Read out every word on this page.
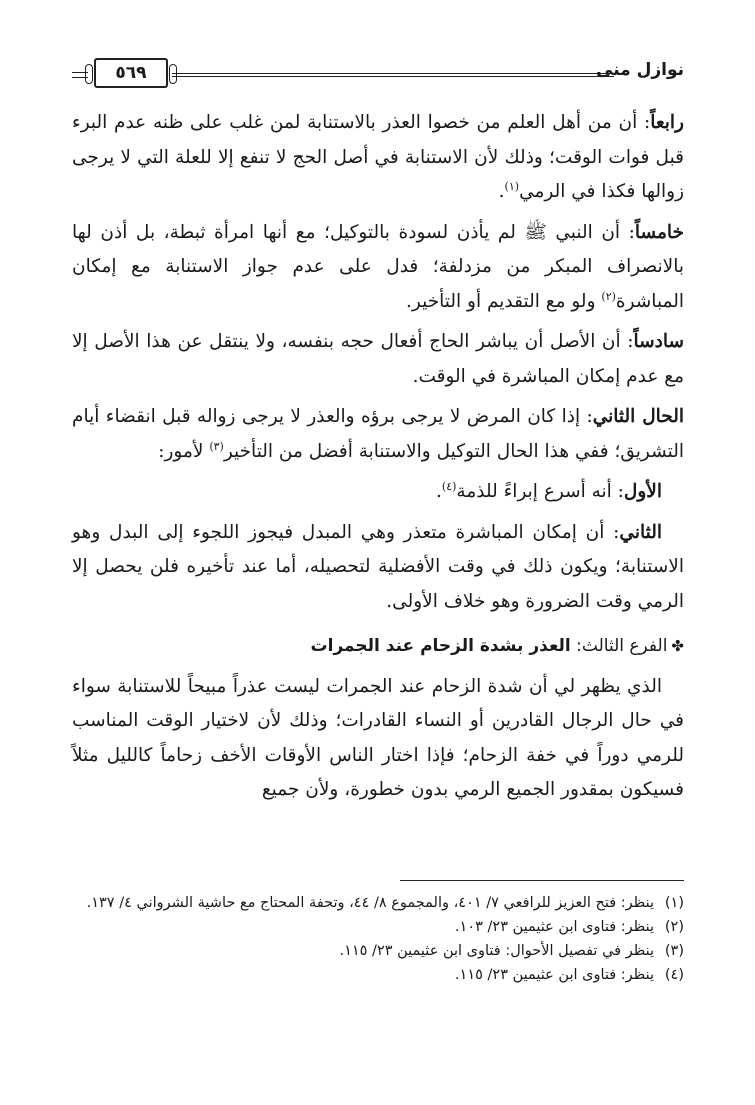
نوازل منى
٥٦٩

رابعاً: أن من أهل العلم من خصوا العذر بالاستنابة لمن غلب على ظنه عدم البرء قبل فوات الوقت؛ وذلك لأن الاستنابة في أصل الحج لا تنفع إلا للعلة التي لا يرجى زوالها فكذا في الرمي$^{(١)}$.

خامساً: أن النبي ﷺ لم يأذن لسودة بالتوكيل؛ مع أنها امرأة ثبطة، بل أذن لها بالانصراف المبكر من مزدلفة؛ فدل على عدم جواز الاستنابة مع إمكان المباشرة$^{(٢)}$ ولو مع التقديم أو التأخير.

سادساً: أن الأصل أن يباشر الحاج أفعال حجه بنفسه، ولا ينتقل عن هذا الأصل إلا مع عدم إمكان المباشرة في الوقت.

الحال الثاني: إذا كان المرض لا يرجى برؤه والعذر لا يرجى زواله قبل انقضاء أيام التشريق؛ ففي هذا الحال التوكيل والاستنابة أفضل من التأخير$^{(٣)}$ لأمور:

الأول: أنه أسرع إبراءً للذمة$^{(٤)}$.

الثاني: أن إمكان المباشرة متعذر وهي المبدل فيجوز اللجوء إلى البدل وهو الاستنابة؛ ويكون ذلك في وقت الأفضلية لتحصيله، أما عند تأخيره فلن يحصل إلا الرمي وقت الضرورة وهو خلاف الأولى.

✤الفرع الثالث: العذر بشدة الزحام عند الجمرات

الذي يظهر لي أن شدة الزحام عند الجمرات ليست عذراً مبيحاً للاستنابة سواء في حال الرجال القادرين أو النساء القادرات؛ وذلك لأن لاختيار الوقت المناسب للرمي دوراً في خفة الزحام؛ فإذا اختار الناس الأوقات الأخف زحاماً كالليل مثلاً فسيكون بمقدور الجميع الرمي بدون خطورة، ولأن جميع

(١)
ينظر: فتح العزيز للرافعي ٧/ ٤٠١، والمجموع ٨/ ٤٤، وتحفة المحتاج مع حاشية الشرواني ٤/ ١٣٧.
(٢)
ينظر: فتاوى ابن عثيمين ٢٣/ ١٠٣.
(٣)
ينظر في تفصيل الأحوال: فتاوى ابن عثيمين ٢٣/ ١١٥.
(٤)
ينظر: فتاوى ابن عثيمين ٢٣/ ١١٥.
